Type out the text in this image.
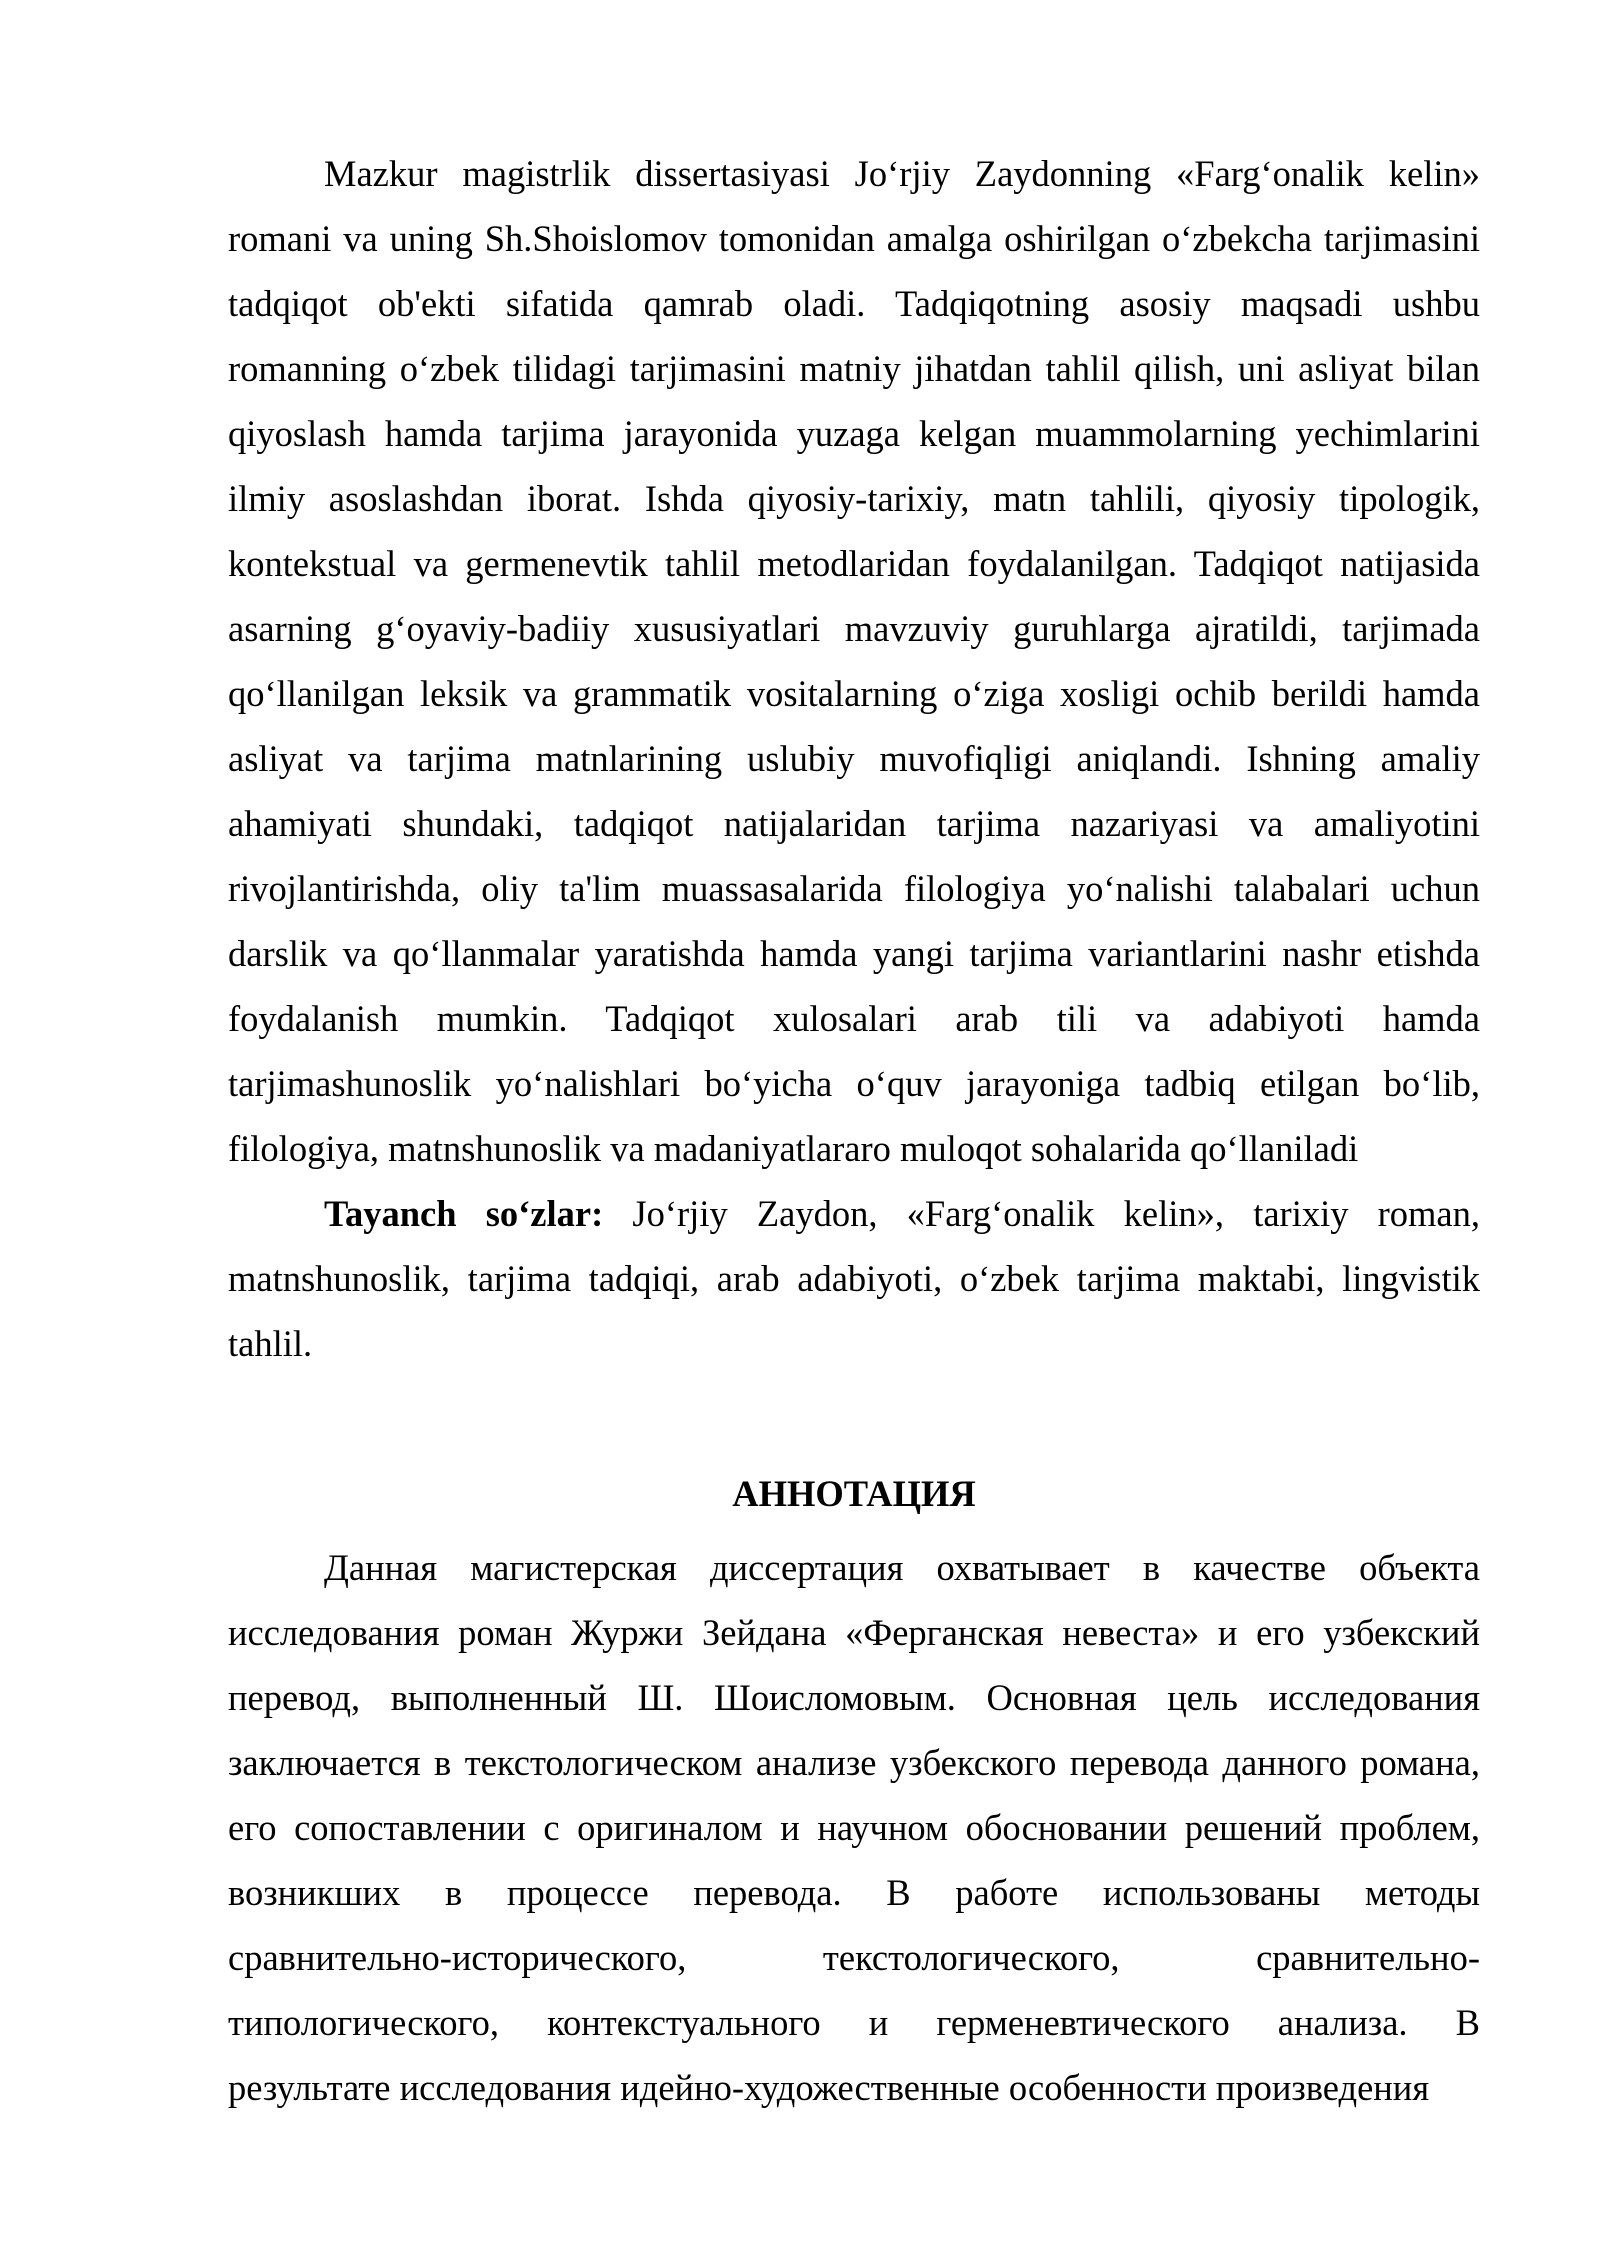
Mazkur magistrlik dissertasiyasi Jo‘rjiy Zaydonning «Farg‘onalik kelin»
romani va uning Sh.Shoislomov tomonidan amalga oshirilgan o‘zbekcha tarjimasini
tadqiqot ob'ekti sifatida qamrab oladi. Tadqiqotning asosiy maqsadi ushbu
romanning o‘zbek tilidagi tarjimasini matniy jihatdan tahlil qilish, uni asliyat bilan
qiyoslash hamda tarjima jarayonida yuzaga kelgan muammolarning yechimlarini
ilmiy asoslashdan iborat. Ishda qiyosiy-tarixiy, matn tahlili, qiyosiy tipologik,
kontekstual va germenevtik tahlil metodlaridan foydalanilgan. Tadqiqot natijasida
asarning g‘oyaviy-badiiy xususiyatlari mavzuviy guruhlarga ajratildi, tarjimada
qo‘llanilgan leksik va grammatik vositalarning o‘ziga xosligi ochib berildi hamda
asliyat va tarjima matnlarining uslubiy muvofiqligi aniqlandi. Ishning amaliy
ahamiyati shundaki, tadqiqot natijalaridan tarjima nazariyasi va amaliyotini
rivojlantirishda, oliy ta'lim muassasalarida filologiya yo‘nalishi talabalari uchun
darslik va qo‘llanmalar yaratishda hamda yangi tarjima variantlarini nashr etishda
foydalanish mumkin. Tadqiqot xulosalari arab tili va adabiyoti hamda
tarjimashunoslik yo‘nalishlari bo‘yicha o‘quv jarayoniga tadbiq etilgan bo‘lib,
filologiya, matnshunoslik va madaniyatlararo muloqot sohalarida qo‘llaniladi
Tayanch so‘zlar: Jo‘rjiy Zaydon, «Farg‘onalik kelin», tarixiy roman,
matnshunoslik, tarjima tadqiqi, arab adabiyoti, o‘zbek tarjima maktabi, lingvistik
tahlil.
АННОТАЦИЯ
Данная магистерская диссертация охватывает в качестве объекта
исследования роман Журжи Зейдана «Ферганская невеста» и его узбекский
перевод, выполненный Ш. Шоисломовым. Основная цель исследования
заключается в текстологическом анализе узбекского перевода данного романа,
его сопоставлении с оригиналом и научном обосновании решений проблем,
возникших в процессе перевода. В работе использованы методы
сравнительно-исторического, текстологического, сравнительно-
типологического, контекстуального и герменевтического анализа. В
результате исследования идейно-художественные особенности произведения
